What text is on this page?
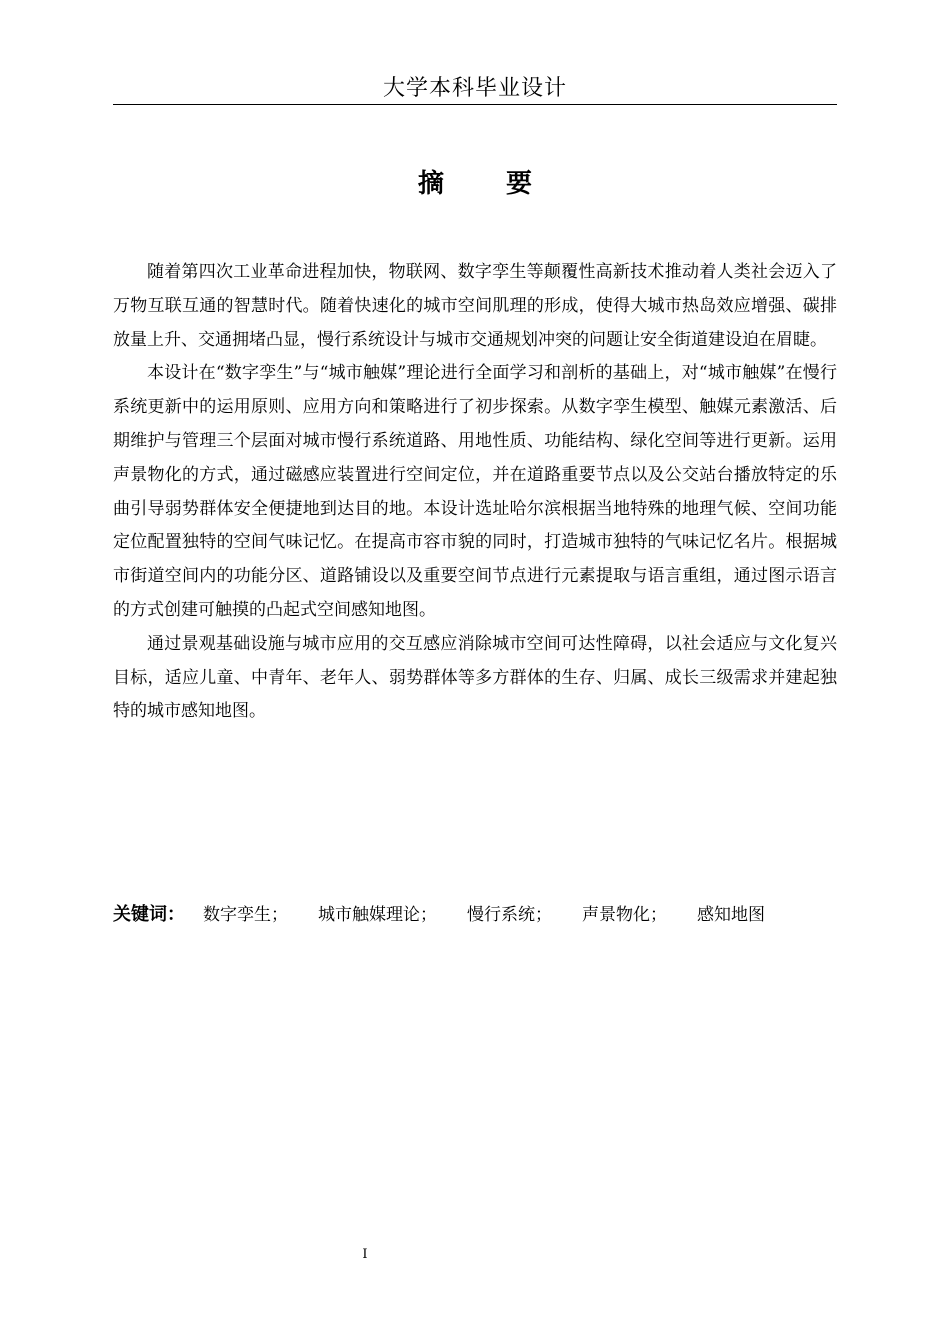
大学本科毕业设计
摘 要

随着第四次工业革命进程加快，物联网、数字孪生等颠覆性高新技术推动着人类社会迈入了万物互联互通的智慧时代。随着快速化的城市空间肌理的形成，使得大城市热岛效应增强、碳排放量上升、交通拥堵凸显，慢行系统设计与城市交通规划冲突的问题让安全街道建设迫在眉睫。

本设计在“数字孪生”与“城市触媒”理论进行全面学习和剖析的基础上，对“城市触媒”在慢行系统更新中的运用原则、应用方向和策略进行了初步探索。从数字孪生模型、触媒元素激活、后期维护与管理三个层面对城市慢行系统道路、用地性质、功能结构、绿化空间等进行更新。运用声景物化的方式，通过磁感应装置进行空间定位，并在道路重要节点以及公交站台播放特定的乐曲引导弱势群体安全便捷地到达目的地。本设计选址哈尔滨根据当地特殊的地理气候、空间功能定位配置独特的空间气味记忆。在提高市容市貌的同时，打造城市独特的气味记忆名片。根据城市街道空间内的功能分区、道路铺设以及重要空间节点进行元素提取与语言重组，通过图示语言的方式创建可触摸的凸起式空间感知地图。

通过景观基础设施与城市应用的交互感应消除城市空间可达性障碍，以社会适应与文化复兴目标，适应儿童、中青年、老年人、弱势群体等多方群体的生存、归属、成长三级需求并建起独特的城市感知地图。

关键词： 数字孪生； 城市触媒理论； 慢行系统； 声景物化； 感知地图
I
